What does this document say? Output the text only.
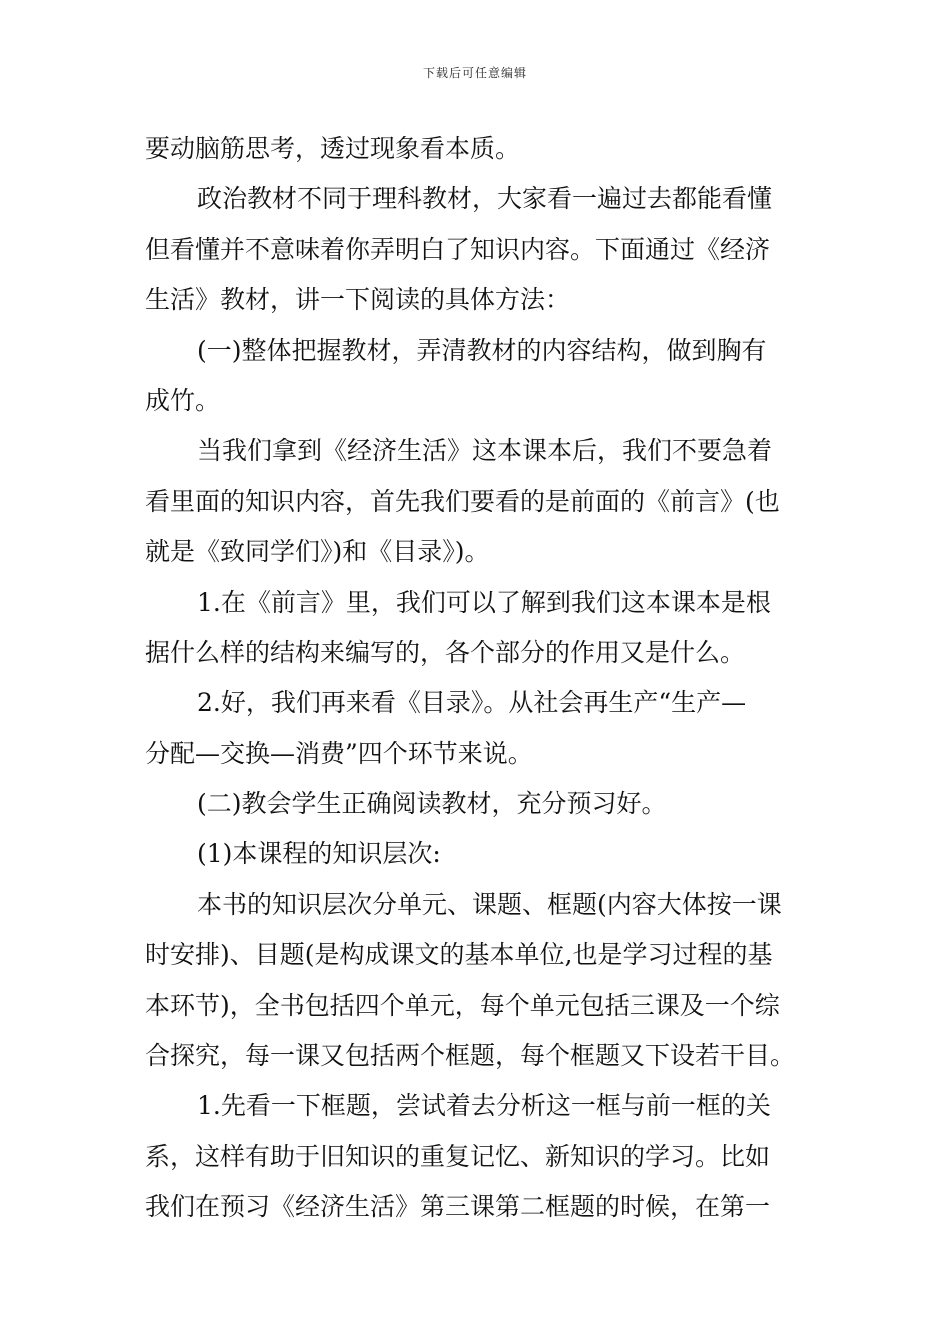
下载后可任意编辑
要动脑筋思考，透过现象看本质。
政治教材不同于理科教材，大家看一遍过去都能看懂
但看懂并不意味着你弄明白了知识内容。下面通过《经济
生活》教材，讲一下阅读的具体方法：
(一)整体把握教材，弄清教材的内容结构，做到胸有
成竹。
当我们拿到《经济生活》这本课本后，我们不要急着
看里面的知识内容，首先我们要看的是前面的《前言》(也
就是《致同学们》)和《目录》)。
1.在《前言》里，我们可以了解到我们这本课本是根
据什么样的结构来编写的，各个部分的作用又是什么。
2.好，我们再来看《目录》。从社会再生产“生产—
分配—交换—消费”四个环节来说。
(二)教会学生正确阅读教材，充分预习好。
(1)本课程的知识层次:
本书的知识层次分单元、课题、框题(内容大体按一课
时安排)、目题(是构成课文的基本单位,也是学习过程的基
本环节)，全书包括四个单元，每个单元包括三课及一个综
合探究，每一课又包括两个框题，每个框题又下设若干目。
1.先看一下框题，尝试着去分析这一框与前一框的关
系，这样有助于旧知识的重复记忆、新知识的学习。比如
我们在预习《经济生活》第三课第二框题的时候，在第一
